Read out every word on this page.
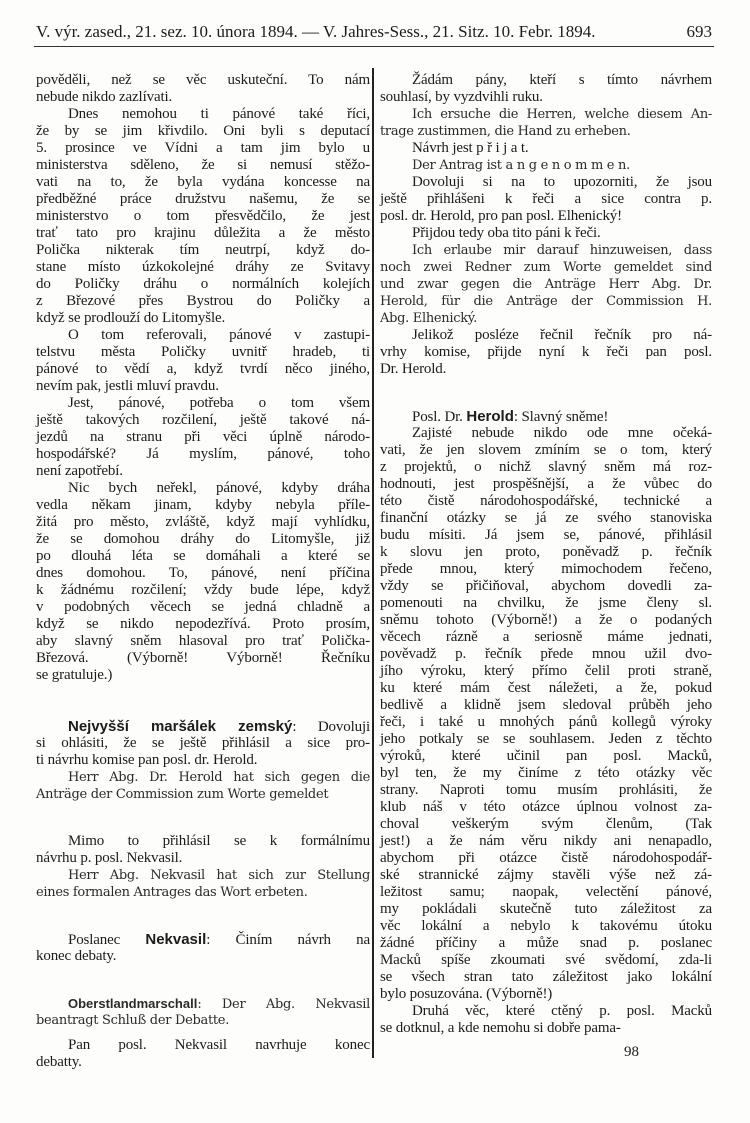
V. výr. zased., 21. sez. 10. února 1894. — V. Jahres-Sess., 21. Sitz. 10. Febr. 1894.	693
pověděli, než se věc uskuteční. To nám
nebude nikdo zazlívati.
Dnes nemohou ti pánové také říci,
že by se jim křivdilo. Oni byli s deputací
5. prosince ve Vídni a tam jim bylo u
ministerstva sděleno, že si nemusí stěžo-
vati na to, že byla vydána koncesse na
předběžné práce družstvu našemu, že se
ministerstvo o tom přesvědčilo, že jest
trať tato pro krajinu důležita a že město
Polička nikterak tím neutrpí, když do-
stane místo úzkokolejné dráhy ze Svitavy
do Poličky dráhu o normálních kolejích
z Březové přes Bystrou do Poličky a
když se prodlouží do Litomyšle.
O tom referovali, pánové v zastupi-
telstvu města Poličky uvnitř hradeb, ti
pánové to vědí a, když tvrdí něco jiného,
nevím pak, jestli mluví pravdu.
Jest, pánové, potřeba o tom všem
ještě takových rozčilení, ještě takové ná-
jezdů na stranu při věci úplně národo-
hospodářské? Já myslím, pánové, toho
není zapotřebí.
Nic bych neřekl, pánové, kdyby dráha
vedla někam jinam, kdyby nebyla příle-
žitá pro město, zvláště, když mají vyhlídku,
že se domohou dráhy do Litomyšle, již
po dlouhá léta se domáhali a které se
dnes domohou. To, pánové, není příčina
k žádnému rozčilení; vždy bude lépe, když
v podobných věcech se jedná chladně a
když se nikdo nepodezřívá. Proto prosím,
aby slavný sněm hlasoval pro trať Polička-
Březová. (Výborně! Výborně! Řečníku
se gratuluje.)
Nejvyšší maršálek zemský: Dovoluji
si ohlásiti, že se ještě přihlásil a sice pro-
ti návrhu komise pan posl. dr. Herold.
Herr Abg. Dr. Herold hat sich gegen die
Anträge der Commission zum Worte gemeldet
Mimo to přihlásil se k formálnímu
návrhu p. posl. Nekvasil.
Herr Abg. Nekvasil hat sich zur Stellung
eines formalen Antrages das Wort erbeten.
Poslanec Nekvasil: Činím návrh na
konec debaty.
Oberstlandmarschall: Der Abg. Nekvasil
beantragt Schluß der Debatte.
Pan posl. Nekvasil navrhuje konec
debatty.
Žádám pány, kteří s tímto návrhem
souhlasí, by vyzdvihli ruku.
Ich ersuche die Herren, welche diesem An-
trage zustimmen, die Hand zu erheben.
Návrh jest p ř i j a t.
Der Antrag ist a n g e n o m m e n.
Dovoluji si na to upozorniti, že jsou
ještě přihlášeni k řeči a sice contra p.
posl. dr. Herold, pro pan posl. Elhenický!
Přijdou tedy oba tito páni k řeči.
Ich erlaube mir darauf hinzuweisen, dass
noch zwei Redner zum Worte gemeldet sind
und zwar gegen die Anträge Herr Abg. Dr.
Herold, für die Anträge der Commission H.
Abg. Elhenický.
Jelikož posléze řečnil řečník pro ná-
vrhy komise, přijde nyní k řeči pan posl.
Dr. Herold.
Posl. Dr. Herold: Slavný sněme!
Zajisté nebude nikdo ode mne očeká-
vati, že jen slovem zmíním se o tom, který
z projektů, o nichž slavný sněm má roz-
hodnouti, jest prospěšnější, a že vůbec do
této čistě národohospodářské, technické a
finanční otázky se já ze svého stanoviska
budu mísiti. Já jsem se, pánové, přihlásil
k slovu jen proto, poněvadž p. řečník
přede mnou, který mimochodem řečeno,
vždy se přičiňoval, abychom dovedli za-
pomenouti na chvilku, že jsme členy sl.
sněmu tohoto (Výborně!) a že o podaných
věcech rázně a seriosně máme jednati,
pověvadž p. řečník přede mnou užil dvo-
jího výroku, který přímo čelil proti straně,
ku které mám čest náležeti, a že, pokud
bedlivě a klidně jsem sledoval průběh jeho
řeči, i také u mnohých pánů kollegů výroky
jeho potkaly se se souhlasem. Jeden z těchto
výroků, které učinil pan posl. Macků,
byl ten, že my činíme z této otázky věc
strany. Naproti tomu musím prohlásiti, že
klub náš v této otázce úplnou volnost za-
choval veškerým svým členům, (Tak
jest!) a že nám věru nikdy ani nenapadlo,
abychom při otázce čistě národohospodář-
ské strannické zájmy stavěli výše než zá-
ležitost samu; naopak, velectění pánové,
my pokládali skutečně tuto záležitost za
věc lokální a nebylo k takovému útoku
žádné příčiny a může snad p. poslanec
Macků spíše zkoumati své svědomí, zda-li
se všech stran tato záležitost jako lokální
bylo posuzována. (Výborně!)
Druhá věc, které ctěný p. posl. Macků
se dotknul, a kde nemohu si dobře pama-
98
